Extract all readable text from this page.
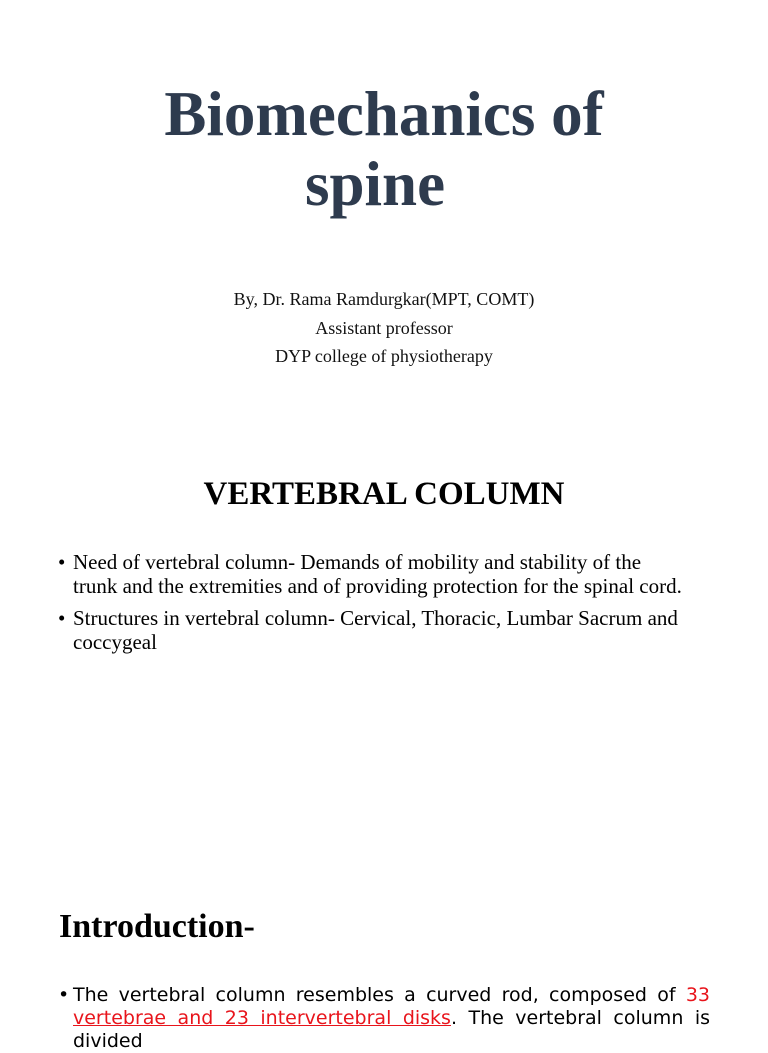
Biomechanics of
spine
By, Dr. Rama Ramdurgkar(MPT, COMT)
Assistant professor
DYP college of physiotherapy
VERTEBRAL COLUMN
• Need of vertebral column- Demands of mobility and stability of the trunk and the extremities and of providing protection for the spinal cord.
• Structures in vertebral column- Cervical, Thoracic, Lumbar Sacrum and coccygeal
Introduction-
• The vertebral column resembles a curved rod, composed of 33 vertebrae and 23 intervertebral disks. The vertebral column is divided
